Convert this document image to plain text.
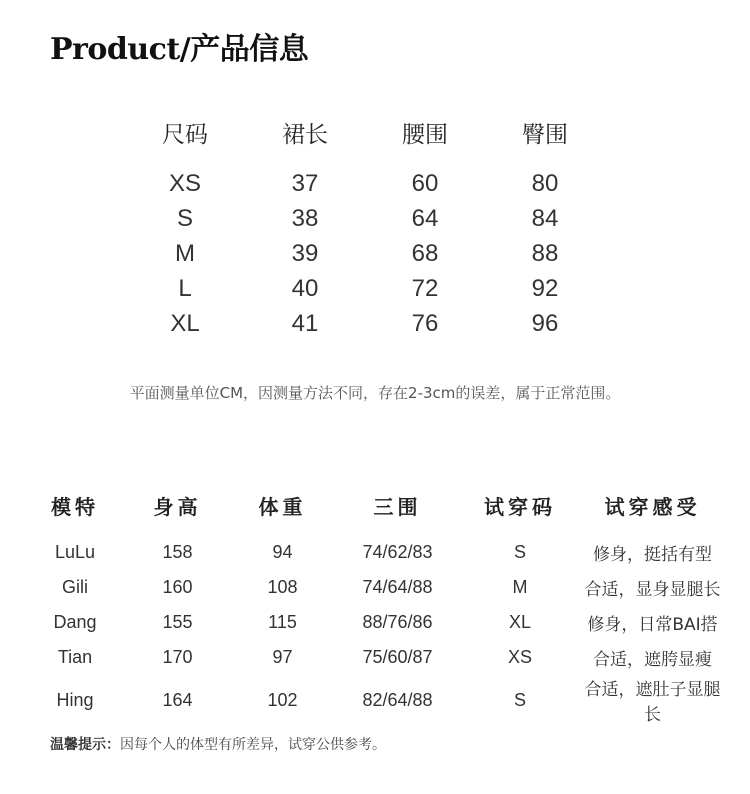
Product/产品信息
尺码	裙长	腰围	臀围
XS	37	60	80
S	38	64	84
M	39	68	88
L	40	72	92
XL	41	76	96
平面测量单位CM，因测量方法不同，存在2-3cm的误差，属于正常范围。
模特	身高	体重	三围	试穿码	试穿感受
LuLu	158	94	74/62/83	S	修身，挺括有型
Gili	160	108	74/64/88	M	合适，显身显腿长
Dang	155	115	88/76/86	XL	修身，日常BAI搭
Tian	170	97	75/60/87	XS	合适，遮胯显瘦
Hing	164	102	82/64/88	S	合适，遮肚子显腿长
温馨提示：因每个人的体型有所差异，试穿公供参考。
